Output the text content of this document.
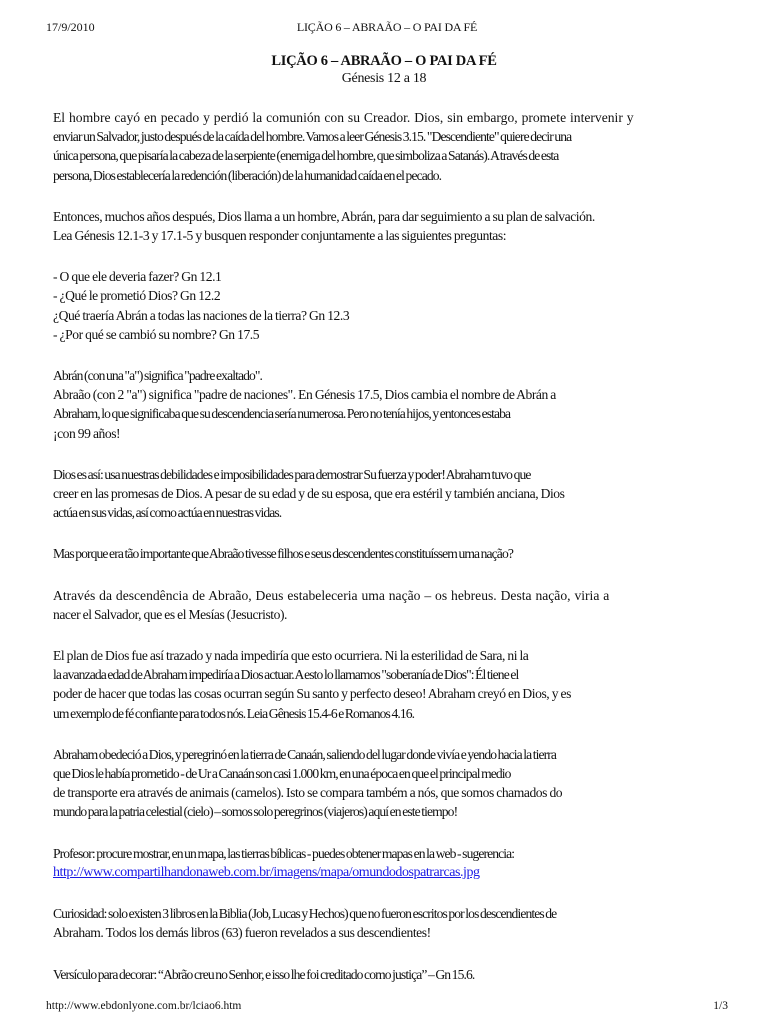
17/9/2010	LIÇÃO 6 – ABRAÃO – O PAI DA FÉ
LIÇÃO 6 – ABRAÃO – O PAI DA FÉ
Génesis 12 a 18

El hombre cayó en pecado y perdió la comunión con su Creador. Dios, sin embargo, promete intervenir y
enviar un Salvador, justo después de la caída del hombre. Vamos a leer Génesis 3.15. "Descendiente" quiere decir una
única persona, que pisaría la cabeza de la serpiente (enemiga del hombre, que simboliza a Satanás). A través de esta
persona, Dios establecería la redención (liberación) de la humanidad caída en el pecado.

Entonces, muchos años después, Dios llama a un hombre, Abrán, para dar seguimiento a su plan de salvación.
Lea Génesis 12.1-3 y 17.1-5 y busquen responder conjuntamente a las siguientes preguntas:

- O que ele deveria fazer? Gn 12.1
- ¿Qué le prometió Dios? Gn 12.2
¿Qué traería Abrán a todas las naciones de la tierra? Gn 12.3
- ¿Por qué se cambió su nombre? Gn 17.5

Abrán (con una "a") significa "padre exaltado".
Abraão (con 2 "a") significa "padre de naciones". En Génesis 17.5, Dios cambia el nombre de Abrán a
Abraham, lo que significaba que su descendencia sería numerosa. Pero no tenía hijos, y entonces estaba
¡con 99 años!

Dios es así: usa nuestras debilidades e imposibilidades para demostrar Su fuerza y poder! Abraham tuvo que
creer en las promesas de Dios. A pesar de su edad y de su esposa, que era estéril y también anciana, Dios
actúa en sus vidas, así como actúa en nuestras vidas.

Mas porque era tão importante que Abraão tivesse filhos e seus descendentes constituíssem uma nação?

Através da descendência de Abraão, Deus estabeleceria uma nação – os hebreus. Desta nação, viria a
nacer el Salvador, que es el Mesías (Jesucristo).

El plan de Dios fue así trazado y nada impediría que esto ocurriera. Ni la esterilidad de Sara, ni la
la avanzada edad de Abraham impediría a Dios actuar. A esto lo llamamos "soberanía de Dios": Él tiene el
poder de hacer que todas las cosas ocurran según Su santo y perfecto deseo! Abraham creyó en Dios, y es
um exemplo de fé confiante para todos nós. Leia Gênesis 15.4-6 e Romanos 4.16.

Abraham obedeció a Dios, y peregrinó en la tierra de Canaán, saliendo del lugar donde vivía e yendo hacia la tierra
que Dios le había prometido - de Ur a Canaán son casi 1.000 km, en una época en que el principal medio
de transporte era através de animais (camelos). Isto se compara também a nós, que somos chamados do
mundo para la patria celestial (cielo) – somos solo peregrinos (viajeros) aquí en este tiempo!

Profesor: procure mostrar, en un mapa, las tierras bíblicas - puedes obtener mapas en la web - sugerencia:
http://www.compartilhandonaweb.com.br/imagens/mapa/omundodospatrarcas.jpg

Curiosidad: solo existen 3 libros en la Biblia (Job, Lucas y Hechos) que no fueron escritos por los descendientes de
Abraham. Todos los demás libros (63) fueron revelados a sus descendientes!

Versículo para decorar: “Abrão creu no Senhor, e isso lhe foi creditado como justiça” – Gn 15.6.

http://www.ebdonlyone.com.br/lciao6.htm	1/3
